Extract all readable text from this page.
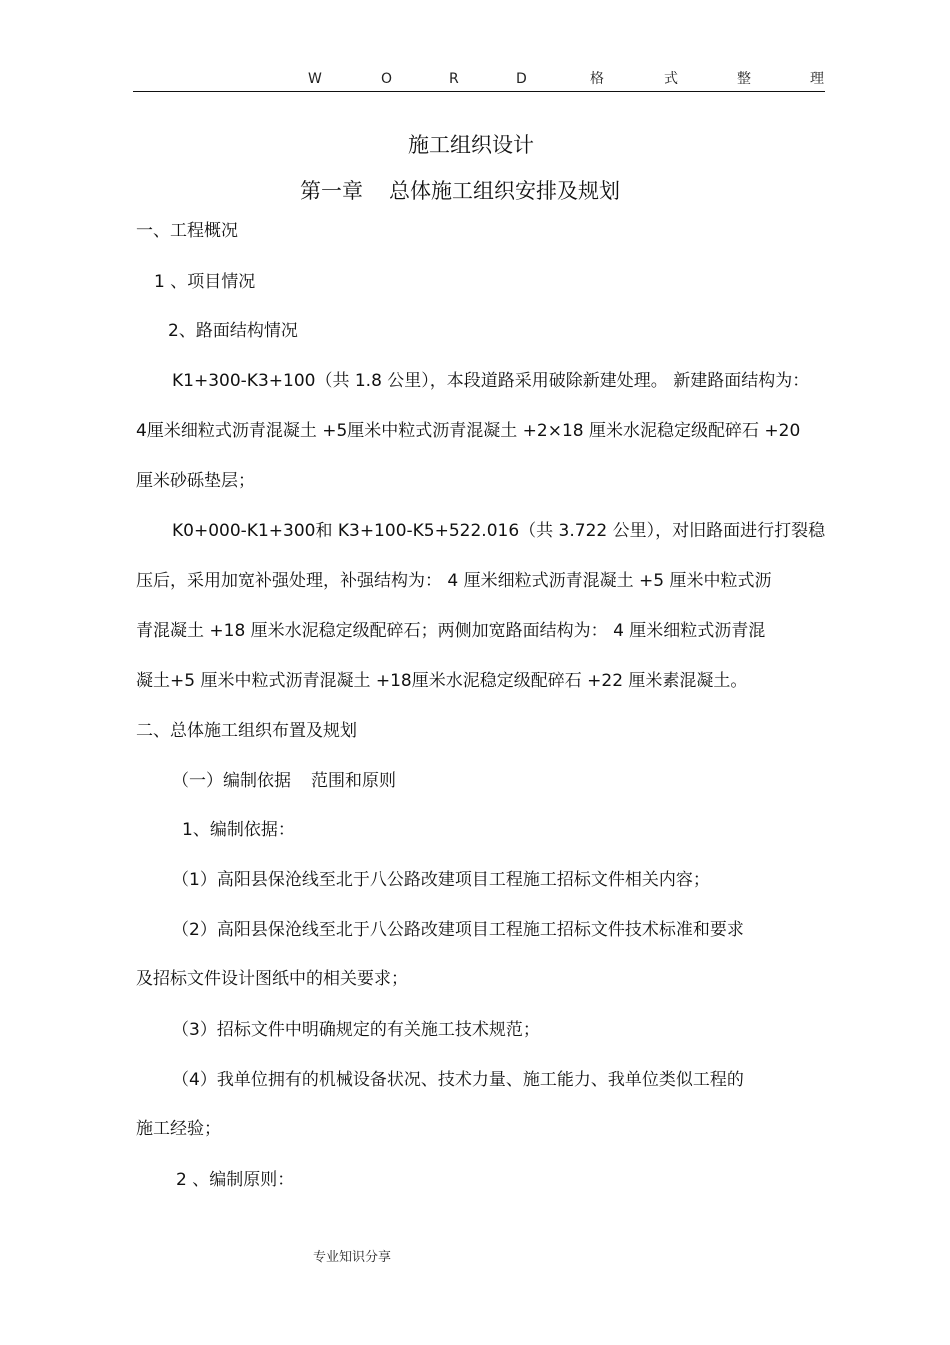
W	O	R	D	格	式	整	理
施工组织设计
第一章 总体施工组织安排及规划
一、工程概况
1 、项目情况
2、路面结构情况
K1+300-K3+100（共 1.8 公里），本段道路采用破除新建处理。 新建路面结构为：
4厘米细粒式沥青混凝土 +5厘米中粒式沥青混凝土 +2×18 厘米水泥稳定级配碎石 +20
厘米砂砾垫层；
K0+000-K1+300和 K3+100-K5+522.016（共 3.722 公里），对旧路面进行打裂稳
压后，采用加宽补强处理，补强结构为： 4 厘米细粒式沥青混凝土 +5 厘米中粒式沥
青混凝土 +18 厘米水泥稳定级配碎石；两侧加宽路面结构为： 4 厘米细粒式沥青混
凝土+5 厘米中粒式沥青混凝土 +18厘米水泥稳定级配碎石 +22 厘米素混凝土。
二、总体施工组织布置及规划
（一）编制依据 范围和原则
1、编制依据：
（1）高阳县保沧线至北于八公路改建项目工程施工招标文件相关内容；
（2）高阳县保沧线至北于八公路改建项目工程施工招标文件技术标准和要求
及招标文件设计图纸中的相关要求；
（3）招标文件中明确规定的有关施工技术规范；
（4）我单位拥有的机械设备状况、技术力量、施工能力、我单位类似工程的
施工经验；
2 、编制原则：
专业知识分享
